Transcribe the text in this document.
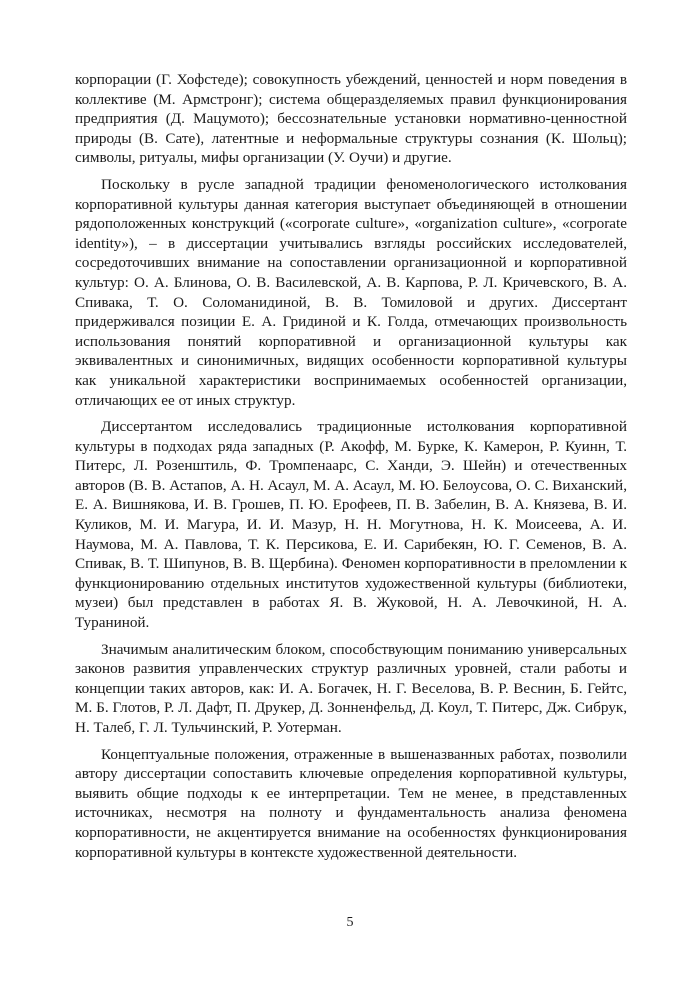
корпорации (Г. Хофстеде); совокупность убеждений, ценностей и норм поведения в коллективе (М. Армстронг); система общеразделяемых правил функционирования предприятия (Д. Мацумото); бессознательные установки нормативно-ценностной природы (В. Сате), латентные и неформальные структуры сознания (К. Шольц); символы, ритуалы, мифы организации (У. Оучи) и другие.

Поскольку в русле западной традиции феноменологического истолкования корпоративной культуры данная категория выступает объединяющей в отношении рядоположенных конструкций («corporate culture», «organization culture», «corporate identity»), – в диссертации учитывались взгляды российских исследователей, сосредоточивших внимание на сопоставлении организационной и корпоративной культур: О. А. Блинова, О. В. Василевской, А. В. Карпова, Р. Л. Кричевского, В. А. Спивака, Т. О. Соломанидиной, В. В. Томиловой и других. Диссертант придерживался позиции Е. А. Гридиной и К. Голда, отмечающих произвольность использования понятий корпоративной и организационной культуры как эквивалентных и синонимичных, видящих особенности корпоративной культуры как уникальной характеристики воспринимаемых особенностей организации, отличающих ее от иных структур.

Диссертантом исследовались традиционные истолкования корпоративной культуры в подходах ряда западных (Р. Акофф, М. Бурке, К. Камерон, Р. Куинн, Т. Питерс, Л. Розенштиль, Ф. Тромпенаарс, С. Ханди, Э. Шейн) и отечественных авторов (В. В. Астапов, А. Н. Асаул, М. А. Асаул, М. Ю. Белоусова, О. С. Виханский, Е. А. Вишнякова, И. В. Грошев, П. Ю. Ерофеев, П. В. Забелин, В. А. Князева, В. И. Куликов, М. И. Магура, И. И. Мазур, Н. Н. Могутнова, Н. К. Моисеева, А. И. Наумова, М. А. Павлова, Т. К. Персикова, Е. И. Сарибекян, Ю. Г. Семенов, В. А. Спивак, В. Т. Шипунов, В. В. Щербина). Феномен корпоративности в преломлении к функционированию отдельных институтов художественной культуры (библиотеки, музеи) был представлен в работах Я. В. Жуковой, Н. А. Левочкиной, Н. А. Тураниной.

Значимым аналитическим блоком, способствующим пониманию универсальных законов развития управленческих структур различных уровней, стали работы и концепции таких авторов, как: И. А. Богачек, Н. Г. Веселова, В. Р. Веснин, Б. Гейтс, М. Б. Глотов, Р. Л. Дафт, П. Друкер, Д. Зонненфельд, Д. Коул, Т. Питерс, Дж. Сибрук, Н. Талеб, Г. Л. Тульчинский, Р. Уотерман.

Концептуальные положения, отраженные в вышеназванных работах, позволили автору диссертации сопоставить ключевые определения корпоративной культуры, выявить общие подходы к ее интерпретации. Тем не менее, в представленных источниках, несмотря на полноту и фундаментальность анализа феномена корпоративности, не акцентируется внимание на особенностях функционирования корпоративной культуры в контексте художественной деятельности.

5
